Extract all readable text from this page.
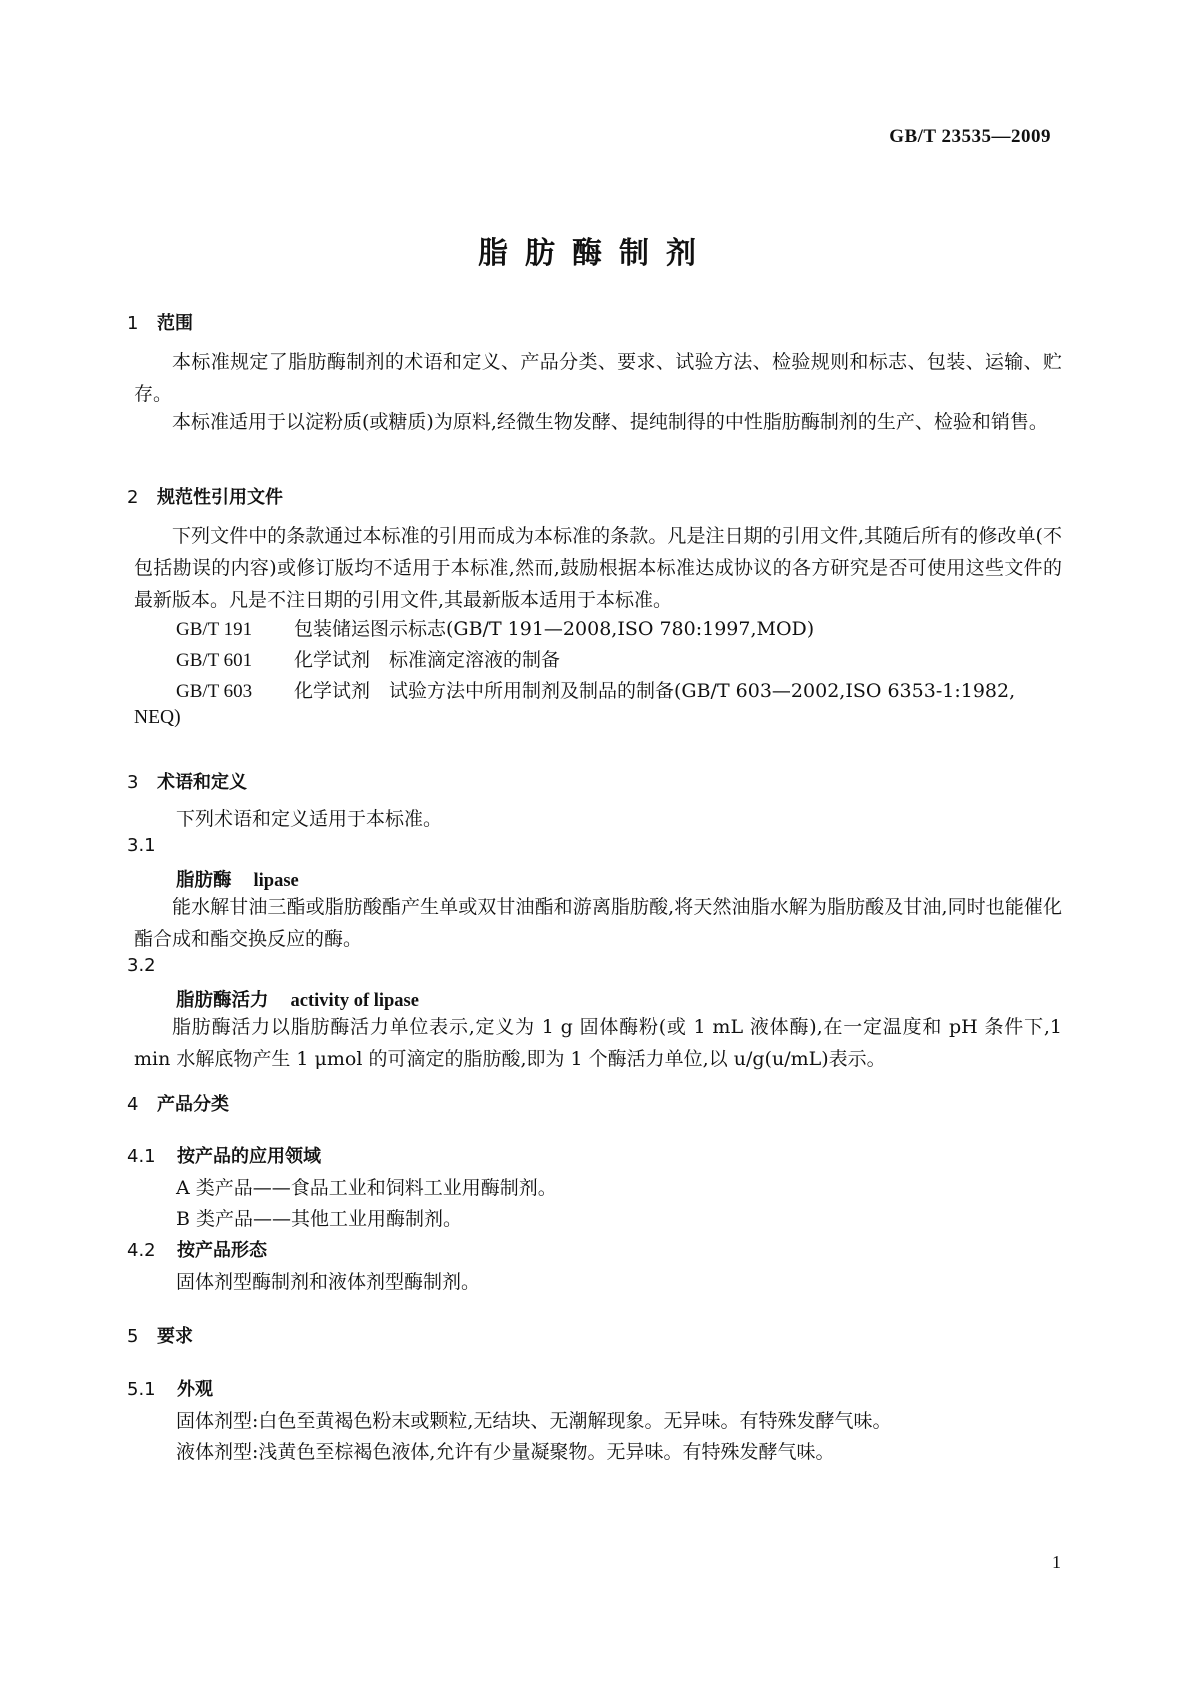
GB/T 23535—2009
脂肪酶制剂
1 范围
本标准规定了脂肪酶制剂的术语和定义、产品分类、要求、试验方法、检验规则和标志、包装、运输、贮存。
本标准适用于以淀粉质(或糖质)为原料,经微生物发酵、提纯制得的中性脂肪酶制剂的生产、检验和销售。
2 规范性引用文件
下列文件中的条款通过本标准的引用而成为本标准的条款。凡是注日期的引用文件,其随后所有的修改单(不包括勘误的内容)或修订版均不适用于本标准,然而,鼓励根据本标准达成协议的各方研究是否可使用这些文件的最新版本。凡是不注日期的引用文件,其最新版本适用于本标准。
GB/T 191 包装储运图示标志(GB/T 191—2008,ISO 780:1997,MOD)
GB/T 601 化学试剂　标准滴定溶液的制备
GB/T 603 化学试剂　试验方法中所用制剂及制品的制备(GB/T 603—2002,ISO 6353-1:1982,
NEQ)
3 术语和定义
下列术语和定义适用于本标准。
3.1
脂肪酶 lipase
能水解甘油三酯或脂肪酸酯产生单或双甘油酯和游离脂肪酸,将天然油脂水解为脂肪酸及甘油,同时也能催化酯合成和酯交换反应的酶。
3.2
脂肪酶活力 activity of lipase
脂肪酶活力以脂肪酶活力单位表示,定义为 1 g 固体酶粉(或 1 mL 液体酶),在一定温度和 pH 条件下,1 min 水解底物产生 1 μmol 的可滴定的脂肪酸,即为 1 个酶活力单位,以 u/g(u/mL)表示。
4 产品分类
4.1 按产品的应用领域
A 类产品——食品工业和饲料工业用酶制剂。
B 类产品——其他工业用酶制剂。
4.2 按产品形态
固体剂型酶制剂和液体剂型酶制剂。
5 要求
5.1 外观
固体剂型:白色至黄褐色粉末或颗粒,无结块、无潮解现象。无异味。有特殊发酵气味。
液体剂型:浅黄色至棕褐色液体,允许有少量凝聚物。无异味。有特殊发酵气味。
1
